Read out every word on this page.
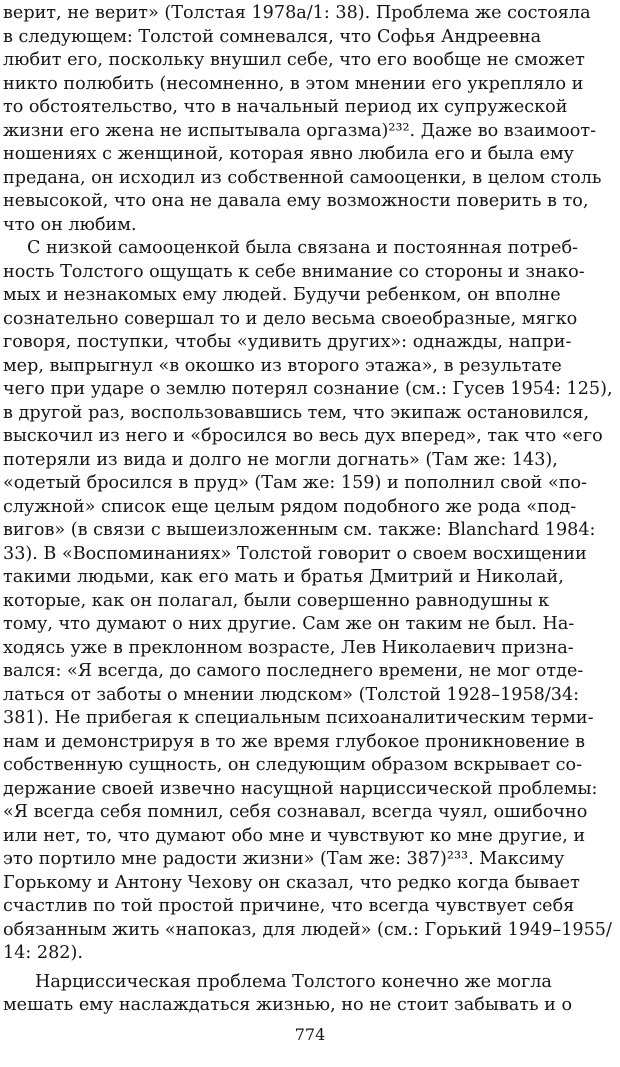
верит, не верит» (Толстая 1978а/1: 38). Проблема же состояла
в следующем: Толстой сомневался, что Софья Андреевна
любит его, поскольку внушил себе, что его вообще не сможет
никто полюбить (несомненно, в этом мнении его укрепляло и
то обстоятельство, что в начальный период их супружеской
жизни его жена не испытывала оргазма)²³². Даже во взаимоот-
ношениях с женщиной, которая явно любила его и была ему
предана, он исходил из собственной самооценки, в целом столь
невысокой, что она не давала ему возможности поверить в то,
что он любим.
С низкой самооценкой была связана и постоянная потреб-
ность Толстого ощущать к себе внимание со стороны и знако-
мых и незнакомых ему людей. Будучи ребенком, он вполне
сознательно совершал то и дело весьма своеобразные, мягко
говоря, поступки, чтобы «удивить других»: однажды, напри-
мер, выпрыгнул «в окошко из второго этажа», в результате
чего при ударе о землю потерял сознание (см.: Гусев 1954: 125),
в другой раз, воспользовавшись тем, что экипаж остановился,
выскочил из него и «бросился во весь дух вперед», так что «его
потеряли из вида и долго не могли догнать» (Там же: 143),
«одетый бросился в пруд» (Там же: 159) и пополнил свой «по-
служной» список еще целым рядом подобного же рода «под-
вигов» (в связи с вышеизложенным см. также: Blanchard 1984:
33). В «Воспоминаниях» Толстой говорит о своем восхищении
такими людьми, как его мать и братья Дмитрий и Николай,
которые, как он полагал, были совершенно равнодушны к
тому, что думают о них другие. Сам же он таким не был. На-
ходясь уже в преклонном возрасте, Лев Николаевич призна-
вался: «Я всегда, до самого последнего времени, не мог отде-
латься от заботы о мнении людском» (Толстой 1928–1958/34:
381). Не прибегая к специальным психоаналитическим терми-
нам и демонстрируя в то же время глубокое проникновение в
собственную сущность, он следующим образом вскрывает со-
держание своей извечно насущной нарциссической проблемы:
«Я всегда себя помнил, себя сознавал, всегда чуял, ошибочно
или нет, то, что думают обо мне и чувствуют ко мне другие, и
это портило мне радости жизни» (Там же: 387)²³³. Максиму
Горькому и Антону Чехову он сказал, что редко когда бывает
счастлив по той простой причине, что всегда чувствует себя
обязанным жить «напоказ, для людей» (см.: Горький 1949–1955/
14: 282).
Нарциссическая проблема Толстого конечно же могла
мешать ему наслаждаться жизнью, но не стоит забывать и о
774
